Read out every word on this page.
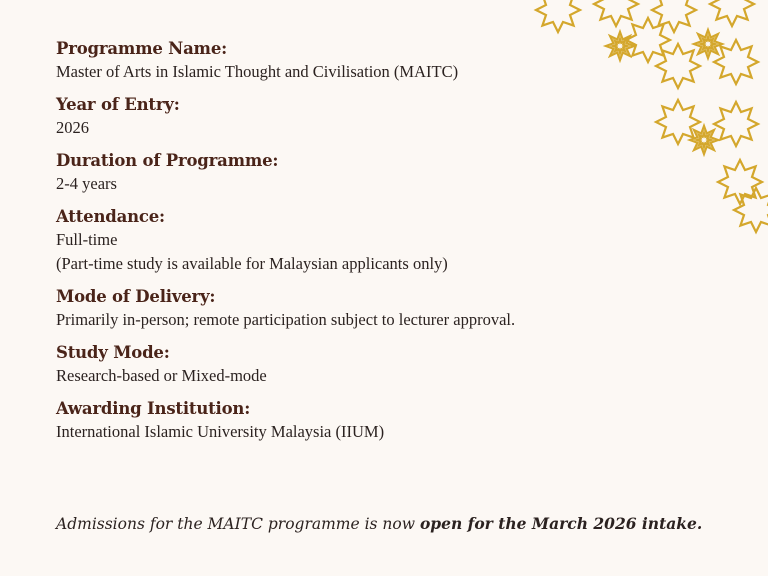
Programme Name:
Master of Arts in Islamic Thought and Civilisation (MAITC)
Year of Entry:
2026
Duration of Programme:
2-4 years
Attendance:
Full-time
(Part-time study is available for Malaysian applicants only)
Mode of Delivery:
Primarily in-person; remote participation subject to lecturer approval.
Study Mode:
Research-based or Mixed-mode
Awarding Institution:
International Islamic University Malaysia (IIUM)
Admissions for the MAITC programme is now open for the March 2026 intake.
